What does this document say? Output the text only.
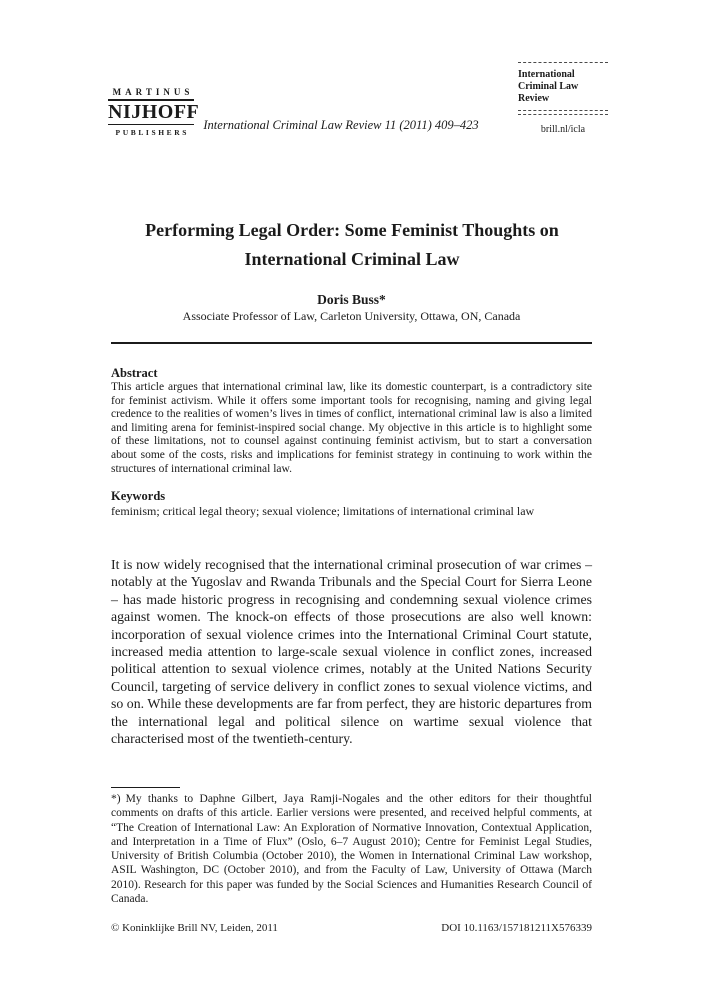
MARTINUS
NIJHOFF
PUBLISHERS
International Criminal Law Review 11 (2011) 409–423
International
Criminal Law
Review
brill.nl/icla
Performing Legal Order: Some Feminist Thoughts on International Criminal Law
Doris Buss*
Associate Professor of Law, Carleton University, Ottawa, ON, Canada
Abstract
This article argues that international criminal law, like its domestic counterpart, is a contradictory site for feminist activism. While it offers some important tools for recognising, naming and giving legal credence to the realities of women’s lives in times of conflict, international criminal law is also a limited and limiting arena for feminist-inspired social change. My objective in this article is to highlight some of these limitations, not to counsel against continuing feminist activism, but to start a conversation about some of the costs, risks and implications for feminist strategy in continuing to work within the structures of international criminal law.
Keywords
feminism; critical legal theory; sexual violence; limitations of international criminal law
It is now widely recognised that the international criminal prosecution of war crimes – notably at the Yugoslav and Rwanda Tribunals and the Special Court for Sierra Leone – has made historic progress in recognising and condemning sexual violence crimes against women. The knock-on effects of those prosecutions are also well known: incorporation of sexual violence crimes into the International Criminal Court statute, increased media attention to large-scale sexual violence in conflict zones, increased political attention to sexual violence crimes, notably at the United Nations Security Council, targeting of service delivery in conflict zones to sexual violence victims, and so on. While these developments are far from perfect, they are historic departures from the international legal and political silence on wartime sexual violence that characterised most of the twentieth-century.
*) My thanks to Daphne Gilbert, Jaya Ramji-Nogales and the other editors for their thoughtful comments on drafts of this article. Earlier versions were presented, and received helpful comments, at “The Creation of International Law: An Exploration of Normative Innovation, Contextual Application, and Interpretation in a Time of Flux” (Oslo, 6–7 August 2010); Centre for Feminist Legal Studies, University of British Columbia (October 2010), the Women in International Criminal Law workshop, ASIL Washington, DC (October 2010), and from the Faculty of Law, University of Ottawa (March 2010). Research for this paper was funded by the Social Sciences and Humanities Research Council of Canada.
© Koninklijke Brill NV, Leiden, 2011	DOI 10.1163/157181211X576339
